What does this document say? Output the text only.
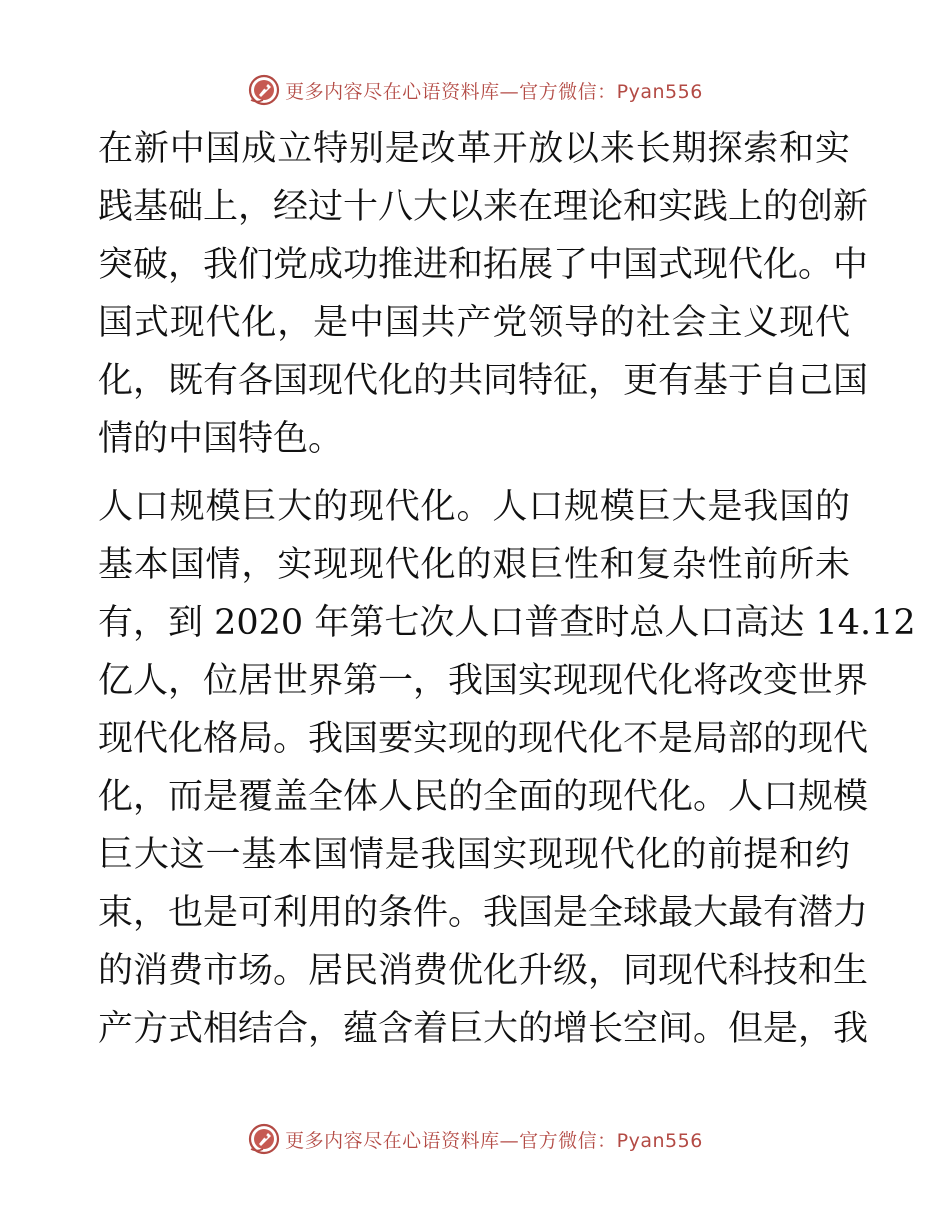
更多内容尽在心语资料库—官方微信：Pyan556
在新中国成立特别是改革开放以来长期探索和实
践基础上，经过十八大以来在理论和实践上的创新
突破，我们党成功推进和拓展了中国式现代化。中
国式现代化，是中国共产党领导的社会主义现代
化，既有各国现代化的共同特征，更有基于自己国
情的中国特色。
人口规模巨大的现代化。人口规模巨大是我国的
基本国情，实现现代化的艰巨性和复杂性前所未
有，到 2020 年第七次人口普查时总人口高达 14.12
亿人，位居世界第一，我国实现现代化将改变世界
现代化格局。我国要实现的现代化不是局部的现代
化，而是覆盖全体人民的全面的现代化。人口规模
巨大这一基本国情是我国实现现代化的前提和约
束，也是可利用的条件。我国是全球最大最有潜力
的消费市场。居民消费优化升级，同现代科技和生
产方式相结合，蕴含着巨大的增长空间。但是，我
更多内容尽在心语资料库—官方微信：Pyan556
